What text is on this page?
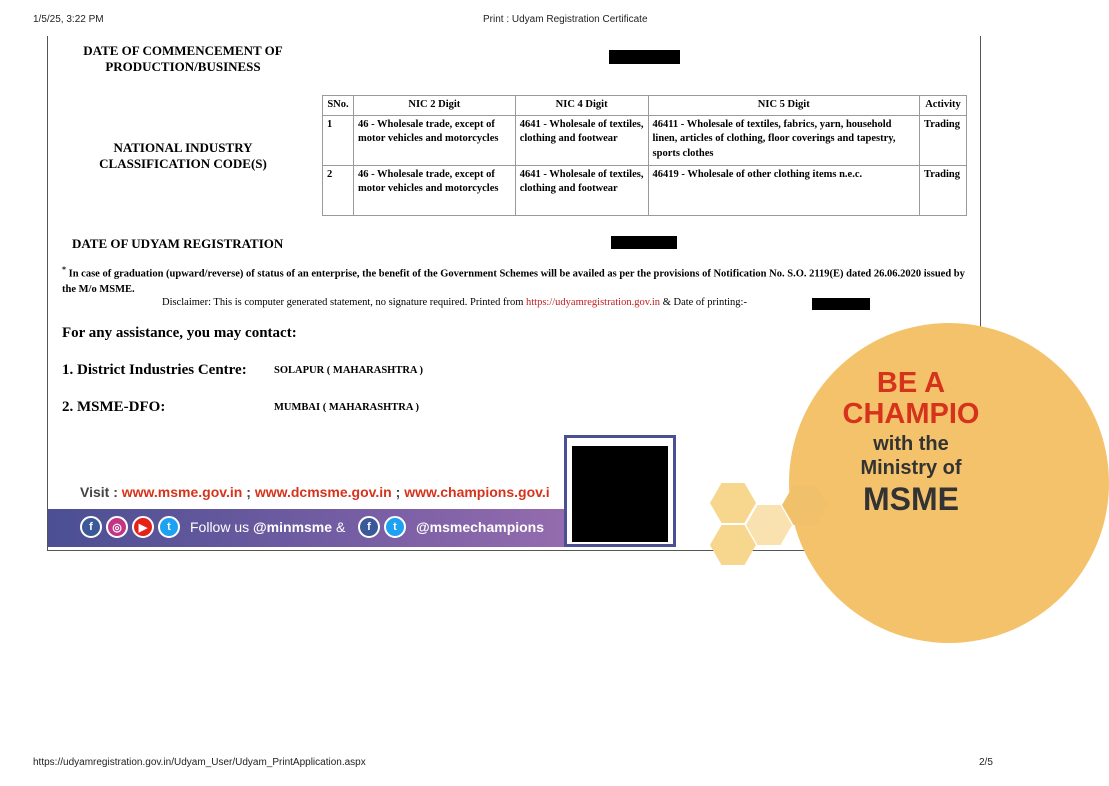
1/5/25, 3:22 PM	Print : Udyam Registration Certificate
DATE OF COMMENCEMENT OF PRODUCTION/BUSINESS
NATIONAL INDUSTRY CLASSIFICATION CODE(S)
SNo.	NIC 2 Digit	NIC 4 Digit	NIC 5 Digit	Activity
1	46 - Wholesale trade, except of motor vehicles and motorcycles	4641 - Wholesale of textiles, clothing and footwear	46411 - Wholesale of textiles, fabrics, yarn, household linen, articles of clothing, floor coverings and tapestry, sports clothes	Trading
2	46 - Wholesale trade, except of motor vehicles and motorcycles	4641 - Wholesale of textiles, clothing and footwear	46419 - Wholesale of other clothing items n.e.c.	Trading
DATE OF UDYAM REGISTRATION
* In case of graduation (upward/reverse) of status of an enterprise, the benefit of the Government Schemes will be availed as per the provisions of Notification No. S.O. 2119(E) dated 26.06.2020 issued by the M/o MSME.
Disclaimer: This is computer generated statement, no signature required. Printed from https://udyamregistration.gov.in & Date of printing:-
For any assistance, you may contact:
1. District Industries Centre:	SOLAPUR ( MAHARASHTRA )
2. MSME-DFO:	MUMBAI ( MAHARASHTRA )
BE A
CHAMPIO
with the
Ministry of
MSME
Visit : www.msme.gov.in ; www.dcmsme.gov.in ; www.champions.gov.i
f	◎	▶	t	Follow us @minmsme &	f	t	@msmechampions
https://udyamregistration.gov.in/Udyam_User/Udyam_PrintApplication.aspx	2/5
